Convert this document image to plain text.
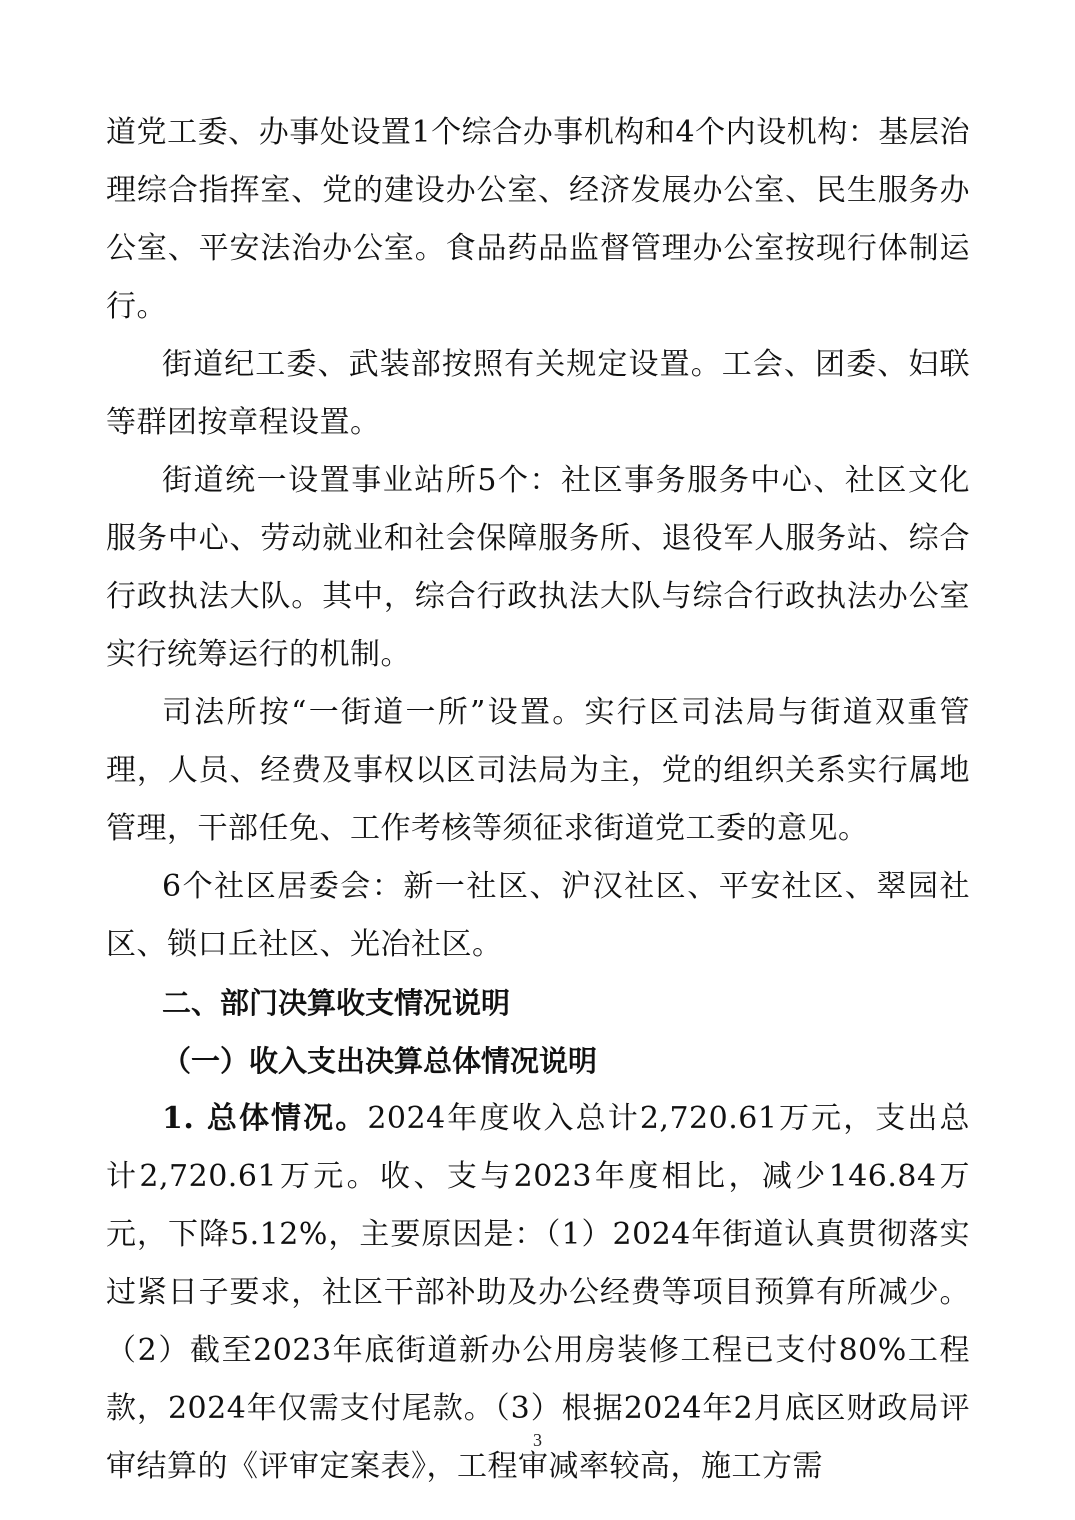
道党工委、办事处设置1个综合办事机构和4个内设机构：基层治理综合指挥室、党的建设办公室、经济发展办公室、民生服务办公室、平安法治办公室。食品药品监督管理办公室按现行体制运行。

街道纪工委、武装部按照有关规定设置。工会、团委、妇联等群团按章程设置。

街道统一设置事业站所5个：社区事务服务中心、社区文化服务中心、劳动就业和社会保障服务所、退役军人服务站、综合行政执法大队。其中，综合行政执法大队与综合行政执法办公室实行统筹运行的机制。

司法所按“一街道一所”设置。实行区司法局与街道双重管理，人员、经费及事权以区司法局为主，党的组织关系实行属地管理，干部任免、工作考核等须征求街道党工委的意见。

6个社区居委会：新一社区、沪汉社区、平安社区、翠园社区、锁口丘社区、光冶社区。

二、部门决算收支情况说明
（一）收入支出决算总体情况说明

1. 总体情况。2024年度收入总计2,720.61万元，支出总计2,720.61万元。收、支与2023年度相比，减少146.84万元，下降5.12%，主要原因是：（1）2024年街道认真贯彻落实过紧日子要求，社区干部补助及办公经费等项目预算有所减少。（2）截至2023年底街道新办公用房装修工程已支付80%工程款，2024年仅需支付尾款。（3）根据2024年2月底区财政局评审结算的《评审定案表》，工程审减率较高，施工方需

3
